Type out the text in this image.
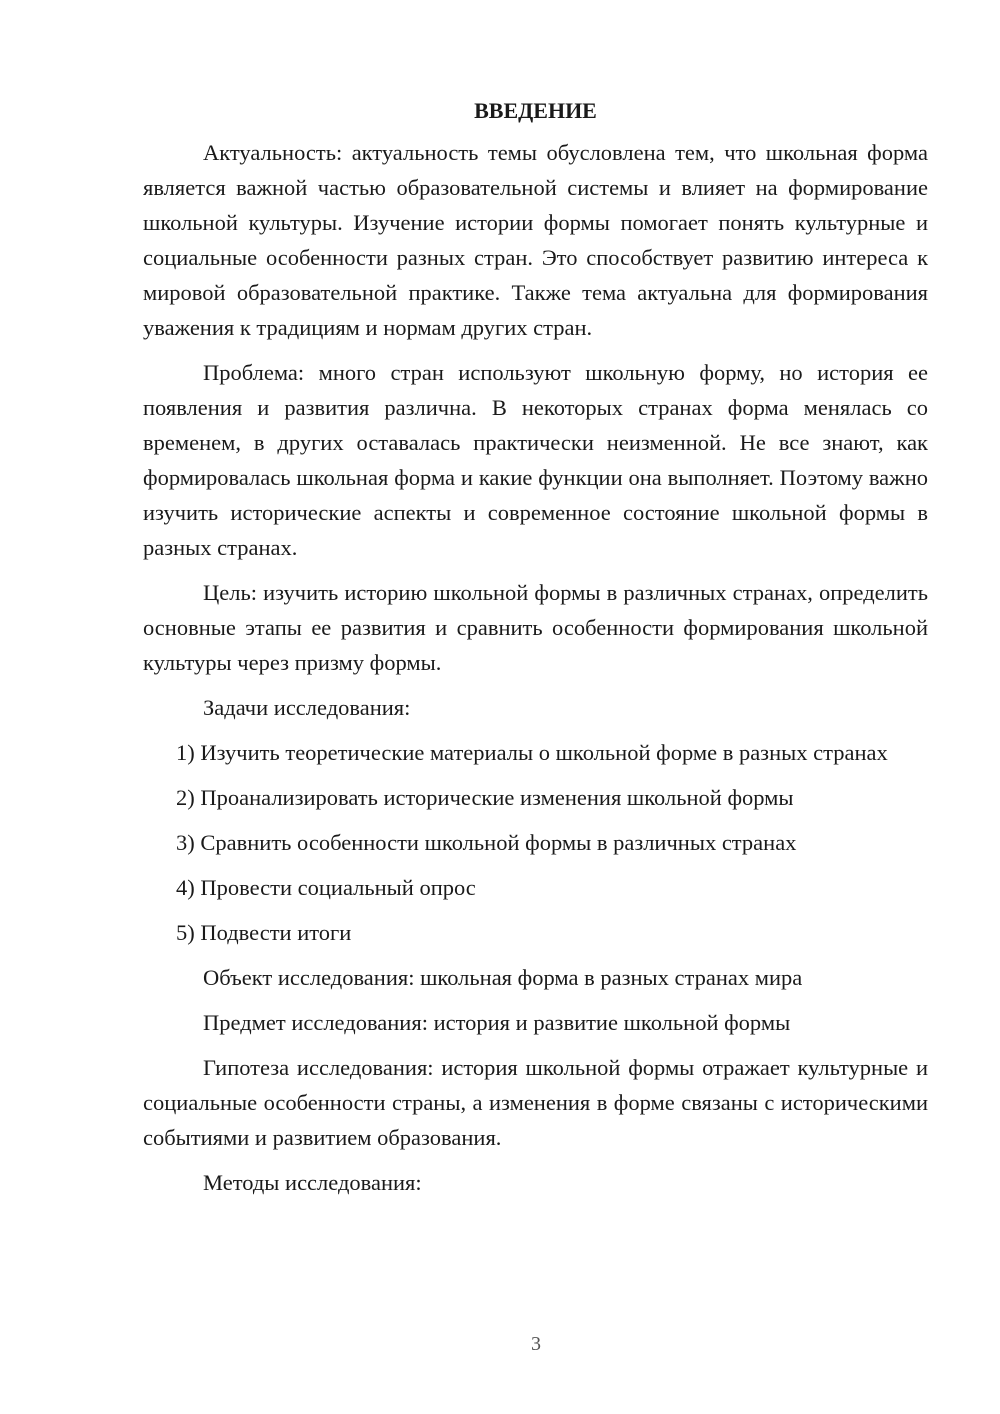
ВВЕДЕНИЕ

Актуальность: актуальность темы обусловлена тем, что школьная форма является важной частью образовательной системы и влияет на формирование школьной культуры. Изучение истории формы помогает понять культурные и социальные особенности разных стран. Это способствует развитию интереса к мировой образовательной практике. Также тема актуальна для формирования уважения к традициям и нормам других стран.

Проблема: много стран используют школьную форму, но история ее появления и развития различна. В некоторых странах форма менялась со временем, в других оставалась практически неизменной. Не все знают, как формировалась школьная форма и какие функции она выполняет. Поэтому важно изучить исторические аспекты и современное состояние школьной формы в разных странах.

Цель: изучить историю школьной формы в различных странах, определить основные этапы ее развития и сравнить особенности формирования школьной культуры через призму формы.

Задачи исследования:

1) Изучить теоретические материалы о школьной форме в разных странах

2) Проанализировать исторические изменения школьной формы

3) Сравнить особенности школьной формы в различных странах

4) Провести социальный опрос

5) Подвести итоги

Объект исследования: школьная форма в разных странах мира

Предмет исследования: история и развитие школьной формы

Гипотеза исследования: история школьной формы отражает культурные и социальные особенности страны, а изменения в форме связаны с историческими событиями и развитием образования.

Методы исследования:

3
